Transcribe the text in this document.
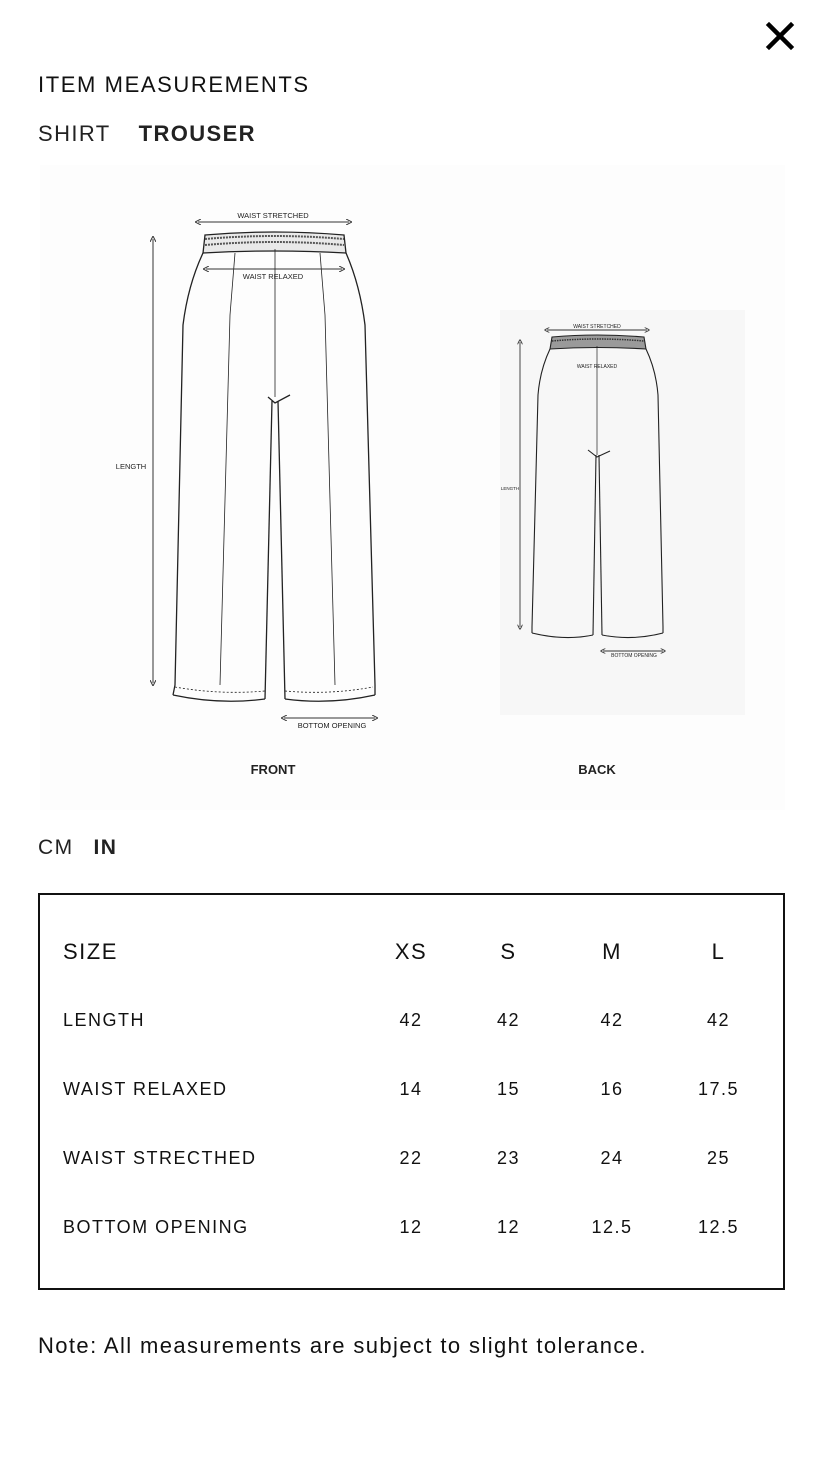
ITEM MEASUREMENTS
SHIRT TROUSER
WAIST STRETCHED
WAIST RELAXED
LENGTH
BOTTOM OPENING
FRONT
WAIST STRETCHED
WAIST RELAXED
LENGTH
BOTTOM OPENING
BACK
CM IN
SIZE	XS	S	M	L
LENGTH	42	42	42	42
WAIST RELAXED	14	15	16	17.5
WAIST STRECTHED	22	23	24	25
BOTTOM OPENING	12	12	12.5	12.5
Note: All measurements are subject to slight tolerance.
